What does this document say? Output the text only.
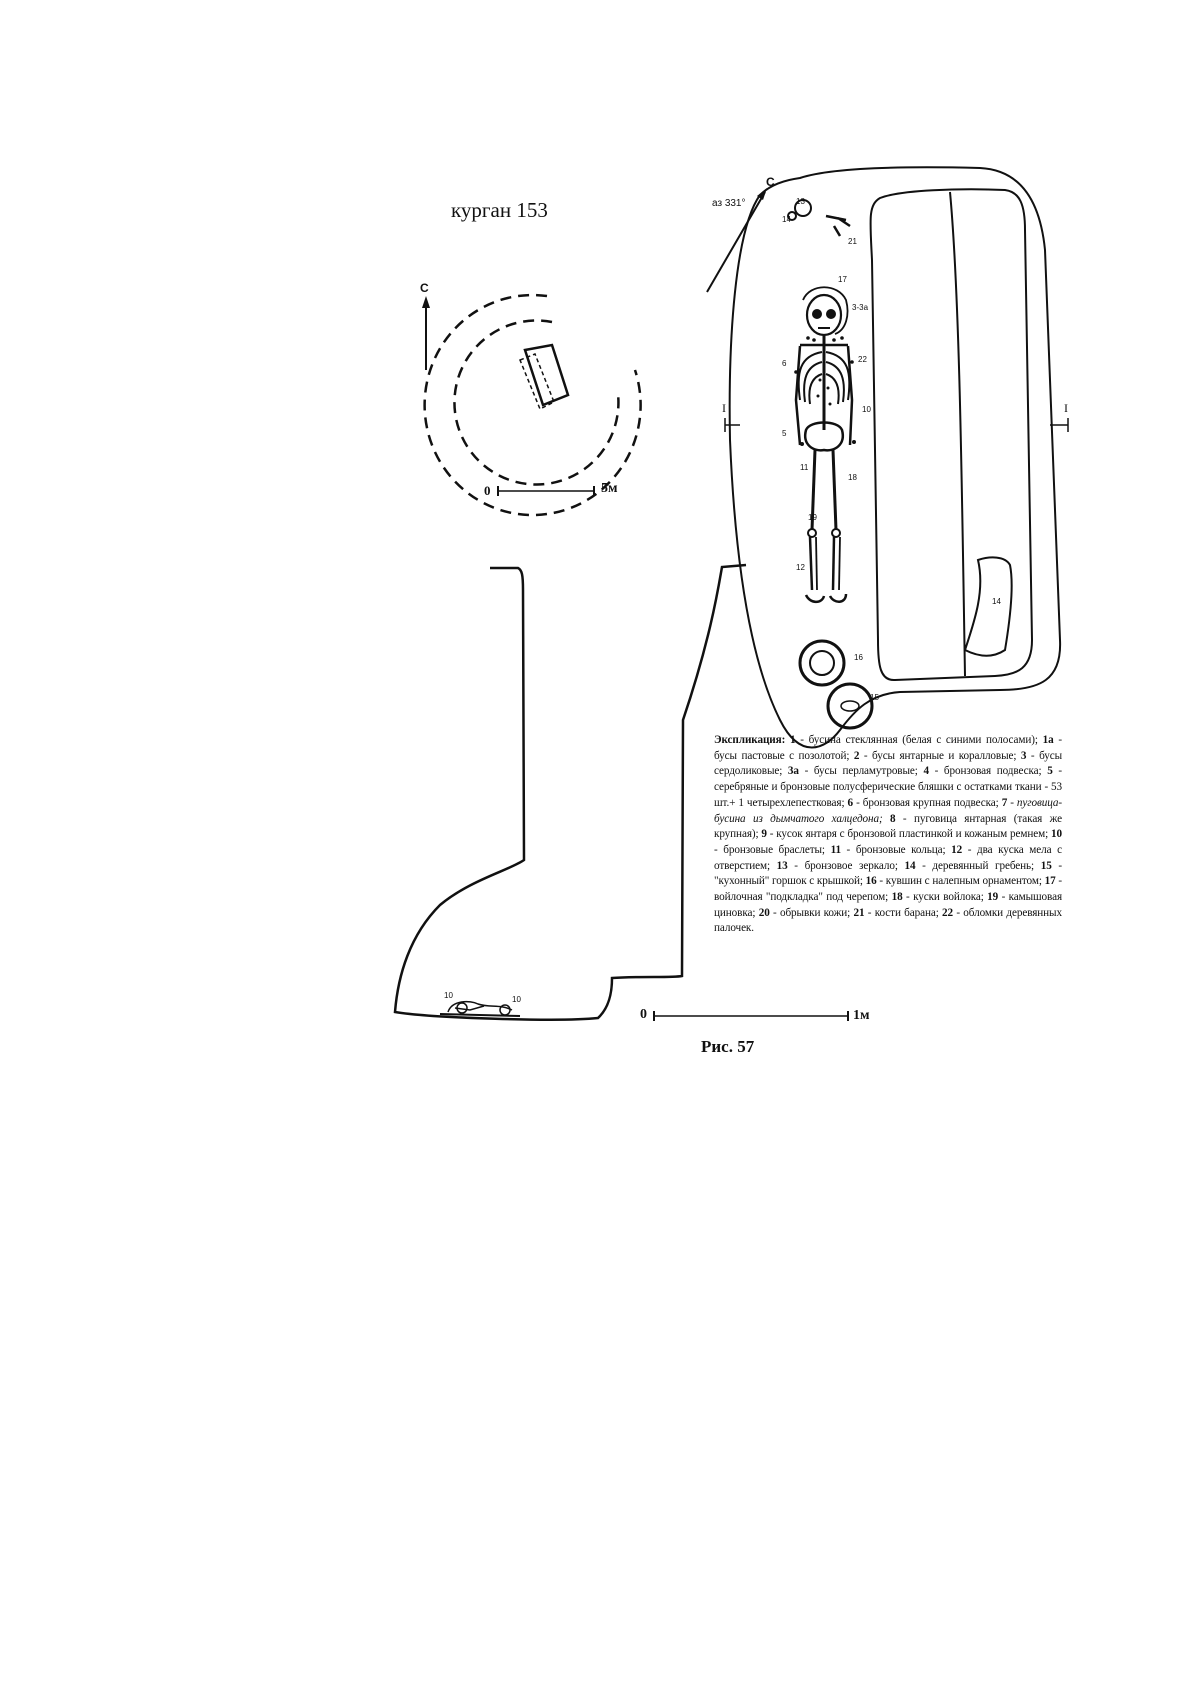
13
14
21
17
3-3а
22
6
10
5
11
18
19
12
16
15
14
10	10
С
С
аз 331°
I	I
курган 153
0	5м
0	1м
Экспликация: 1 - бусина стеклянная (белая с синими полосами); 1а - бусы пастовые с позолотой; 2 - бусы янтарные и коралловые; 3 - бусы сердоликовые; 3а - бусы перламутровые; 4 - бронзовая подвеска; 5 - серебряные и бронзовые полусферические бляшки с остатками ткани - 53 шт.+ 1 четырехлепестковая; 6 - бронзовая крупная подвеска; 7 - пуговица-бусина из дымчатого халцедона; 8 - пуговица янтарная (такая же крупная); 9 - кусок янтаря с бронзовой пластинкой и кожаным ремнем; 10 - бронзовые браслеты; 11 - бронзовые кольца; 12 - два куска мела с отверстием; 13 - бронзовое зеркало; 14 - деревянный гребень; 15 - "кухонный" горшок с крышкой; 16 - кувшин с налепным орнаментом; 17 - войлочная "подкладка" под черепом; 18 - куски войлока; 19 - камышовая циновка; 20 - обрывки кожи; 21 - кости барана; 22 - обломки деревянных палочек.
Рис. 57
